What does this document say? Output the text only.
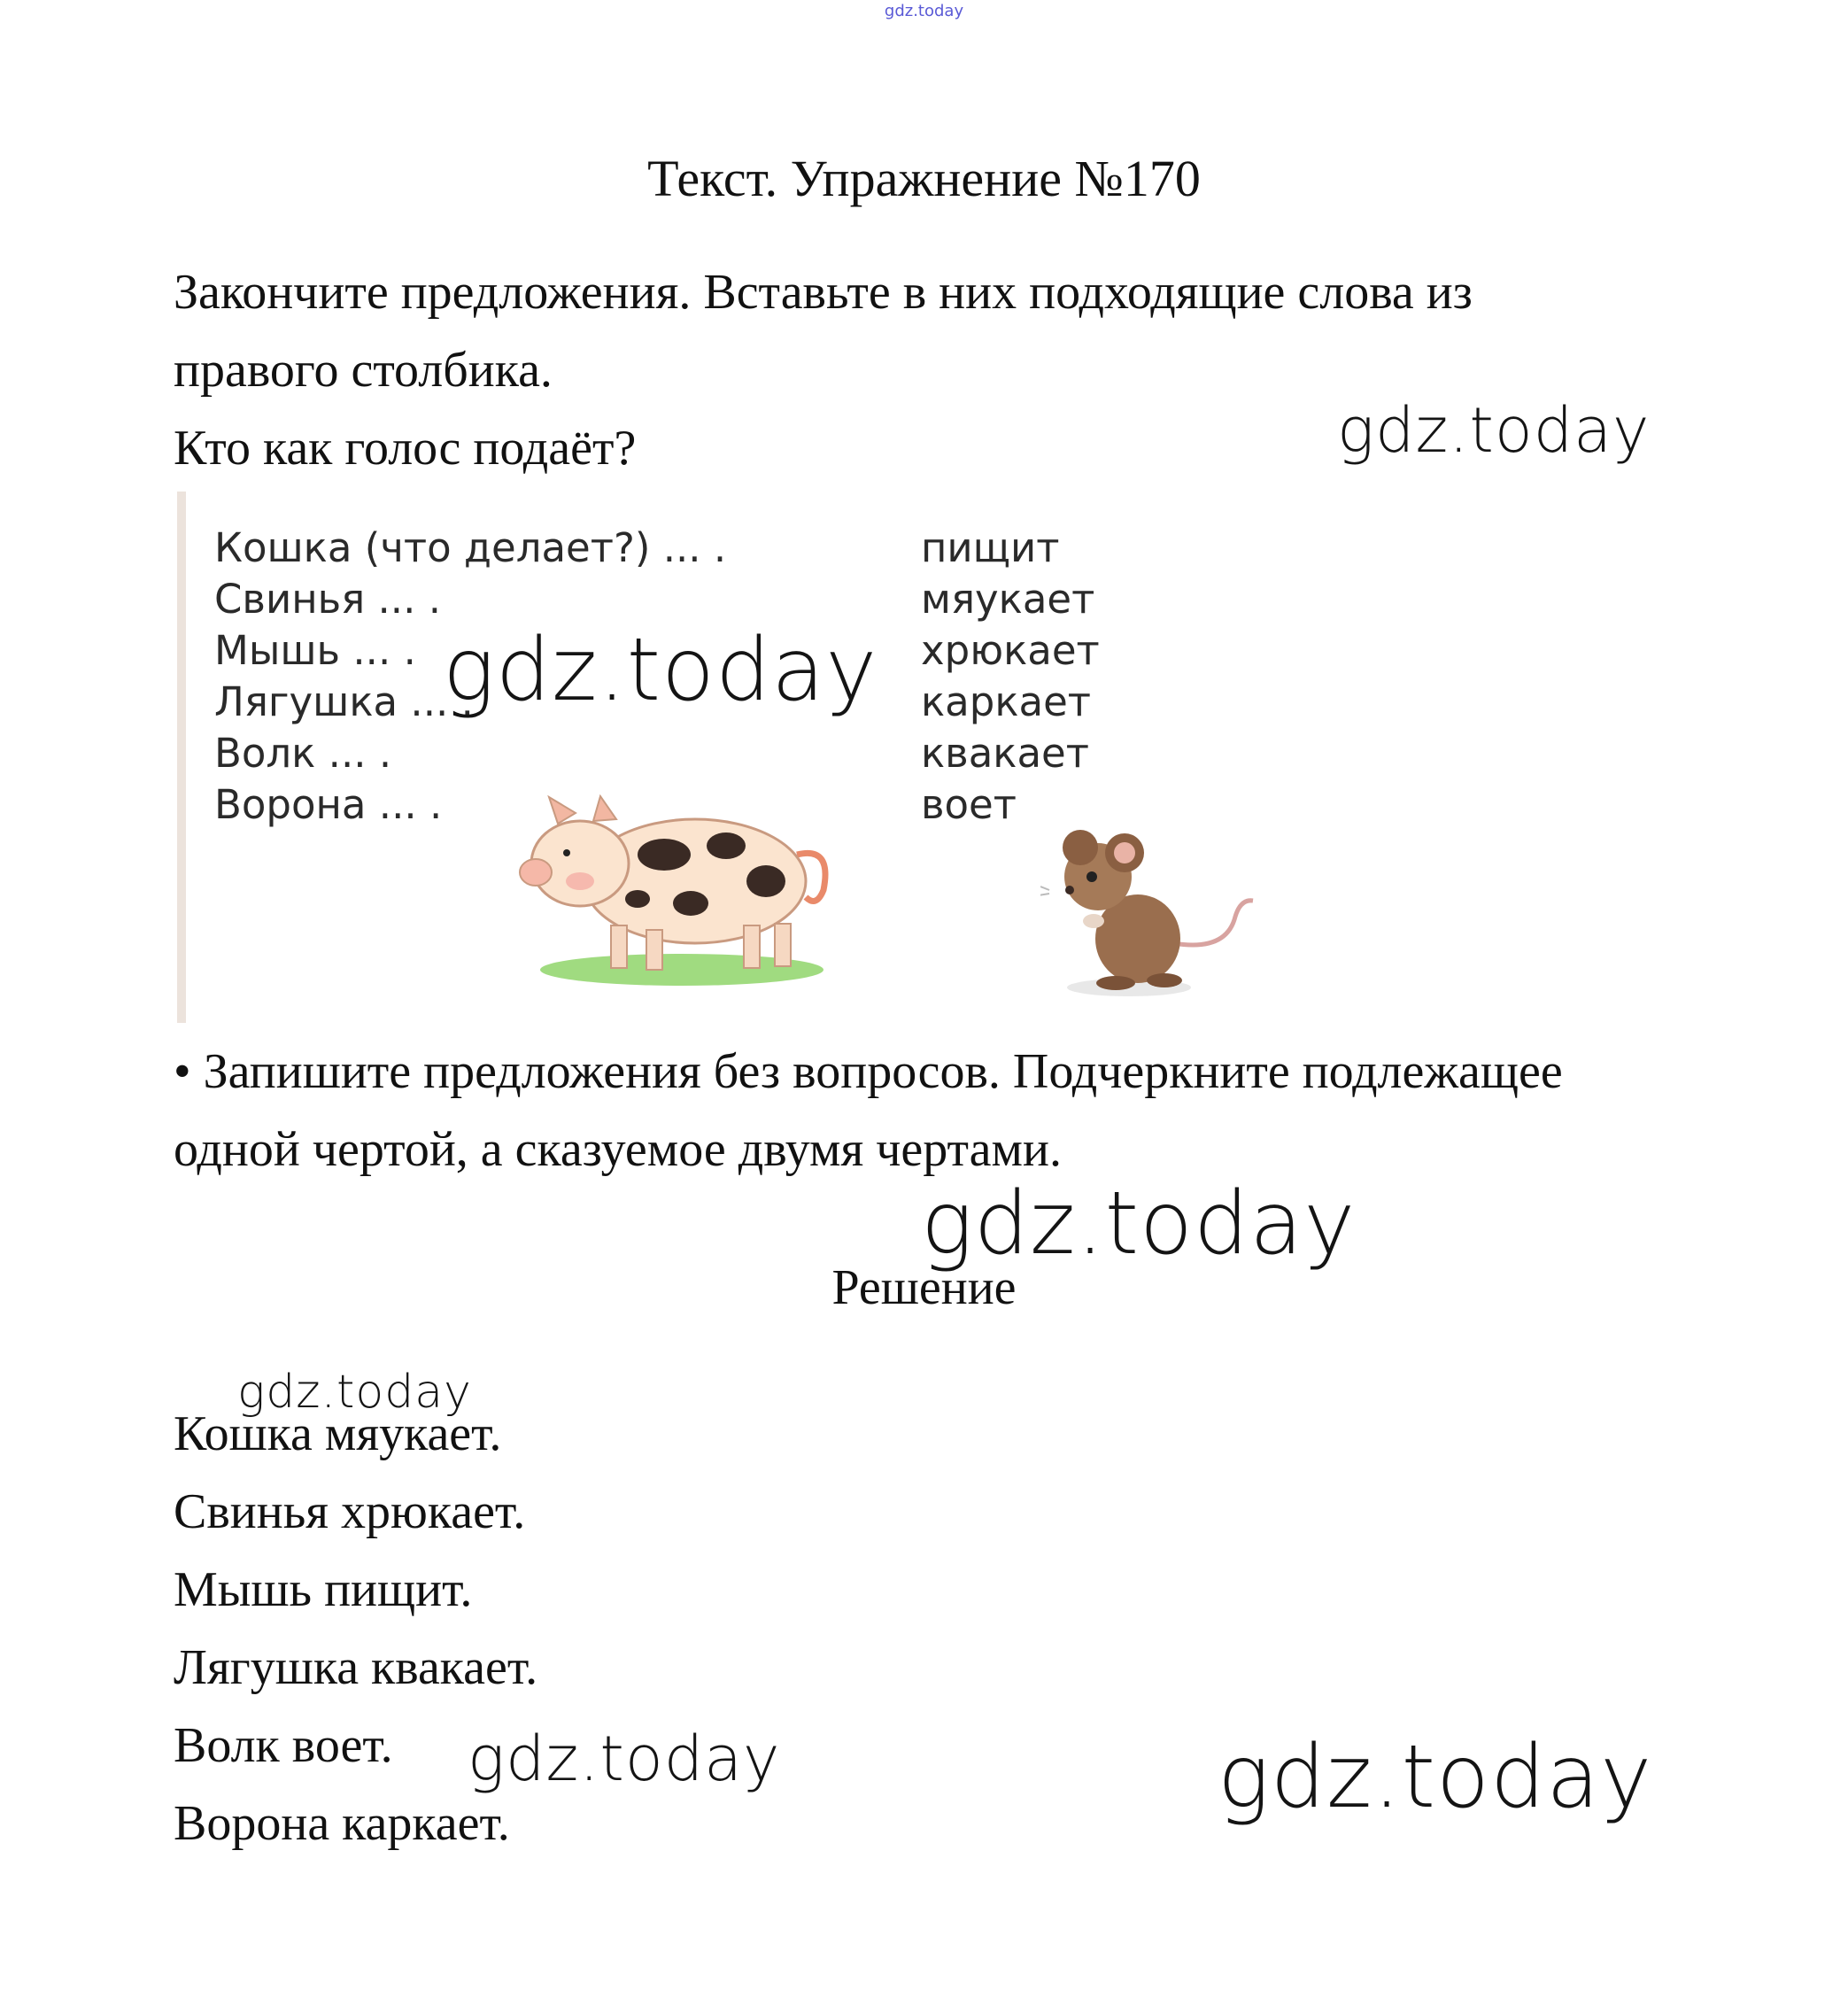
gdz.today
Текст. Упражнение №170
Закончите предложения. Вставьте в них подходящие слова из
правого столбика.
Кто как голос подаёт?
Кошка (что делает?) ... .
Свинья ... .
Мышь ... .
Лягушка ... .
Волк ... .
Ворона ... .
пищит
мяукает
хрюкает
каркает
квакает
воет
• Запишите предложения без вопросов. Подчеркните подлежащее
одной чертой, а сказуемое двумя чертами.
Решение
Кошка мяукает.
Свинья хрюкает.
Мышь пищит.
Лягушка квакает.
Волк воет.
Ворона каркает.
gdz.today
gdz.today
gdz.today
gdz.today
gdz.today	gdz.today
